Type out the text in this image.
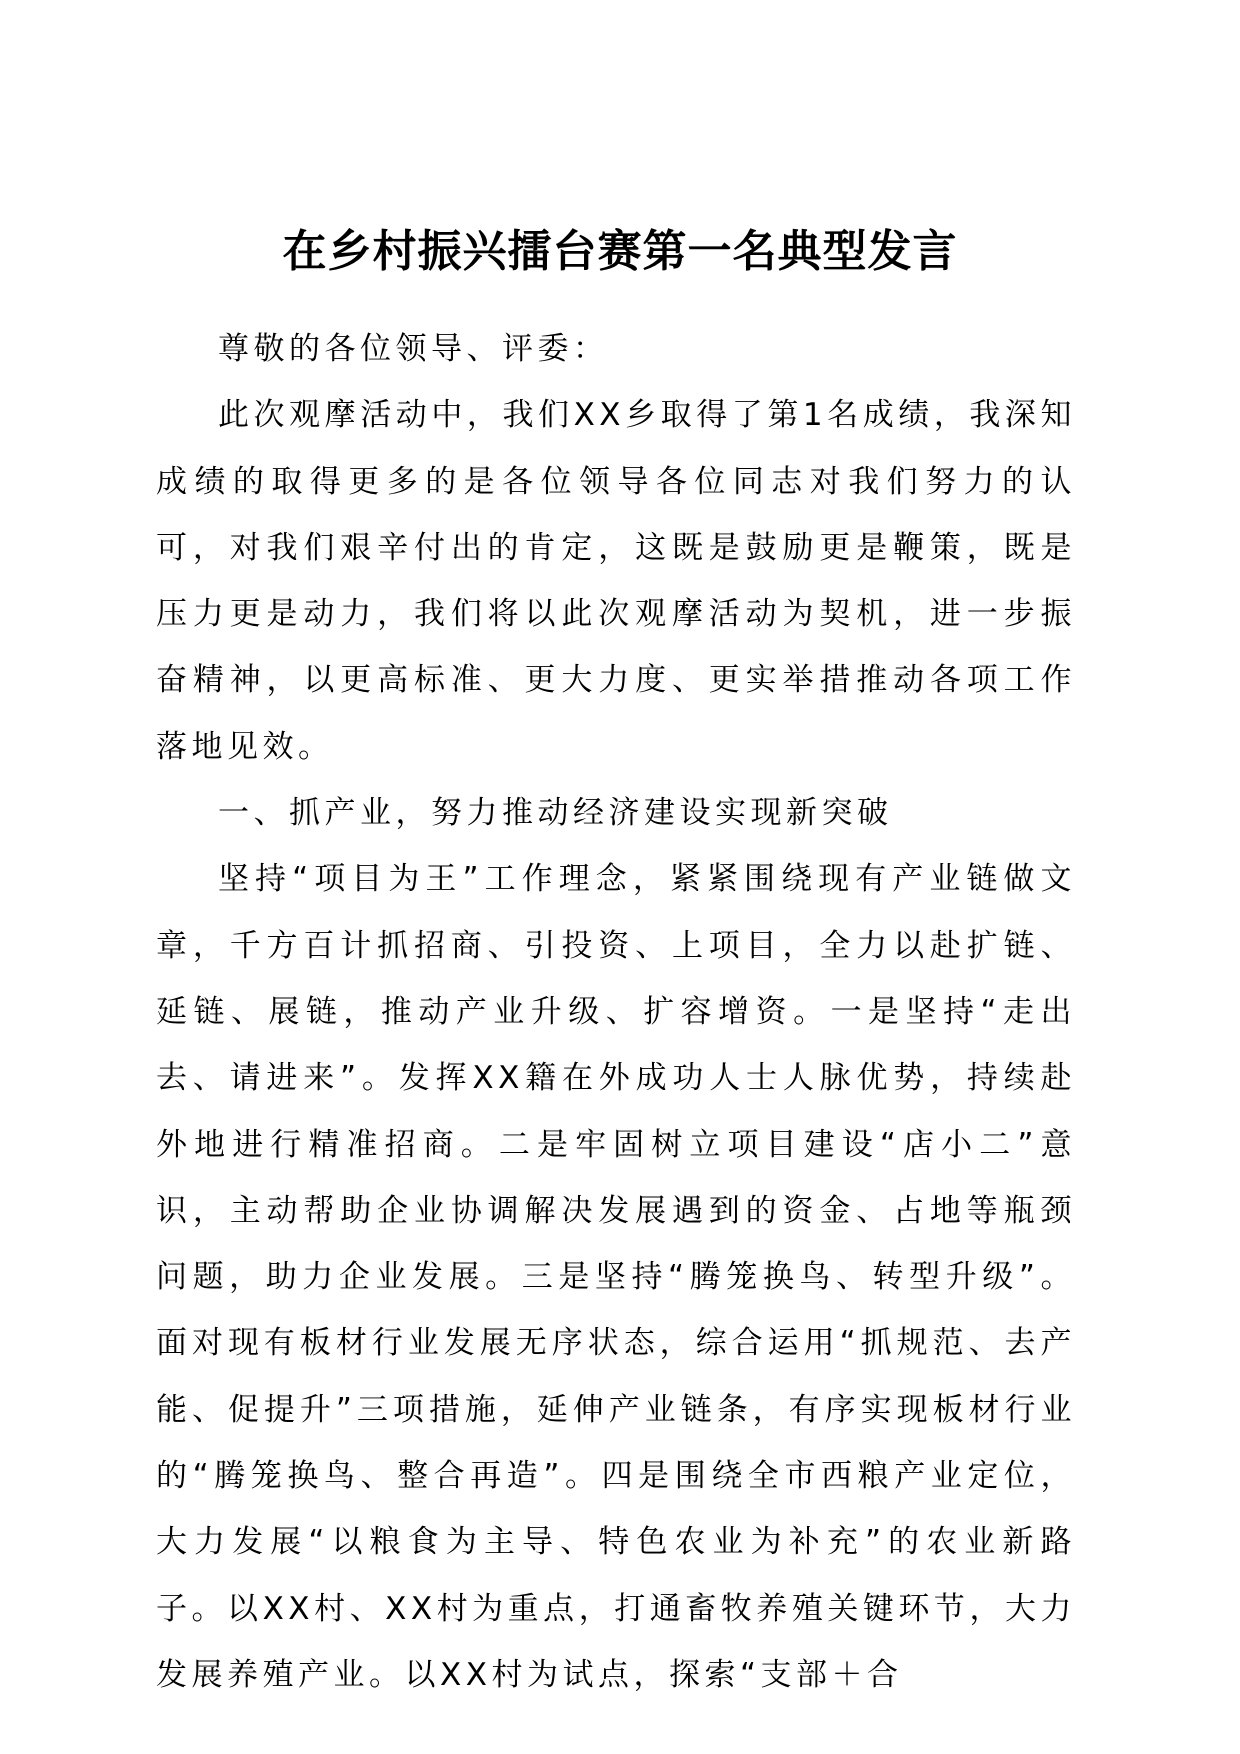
在乡村振兴擂台赛第一名典型发言

尊敬的各位领导、评委：

此次观摩活动中，我们XX乡取得了第1名成绩，我深知成绩的取得更多的是各位领导各位同志对我们努力的认可，对我们艰辛付出的肯定，这既是鼓励更是鞭策，既是压力更是动力，我们将以此次观摩活动为契机，进一步振奋精神，以更高标准、更大力度、更实举措推动各项工作落地见效。

一、抓产业，努力推动经济建设实现新突破

坚持“项目为王”工作理念，紧紧围绕现有产业链做文章，千方百计抓招商、引投资、上项目，全力以赴扩链、延链、展链，推动产业升级、扩容增资。一是坚持“走出去、请进来”。发挥XX籍在外成功人士人脉优势，持续赴外地进行精准招商。二是牢固树立项目建设“店小二”意识，主动帮助企业协调解决发展遇到的资金、占地等瓶颈问题，助力企业发展。三是坚持“腾笼换鸟、转型升级”。面对现有板材行业发展无序状态，综合运用“抓规范、去产能、促提升”三项措施，延伸产业链条，有序实现板材行业的“腾笼换鸟、整合再造”。四是围绕全市西粮产业定位，大力发展“以粮食为主导、特色农业为补充”的农业新路子。以XX村、XX村为重点，打通畜牧养殖关键环节，大力发展养殖产业。以XX村为试点，探索“支部＋合
